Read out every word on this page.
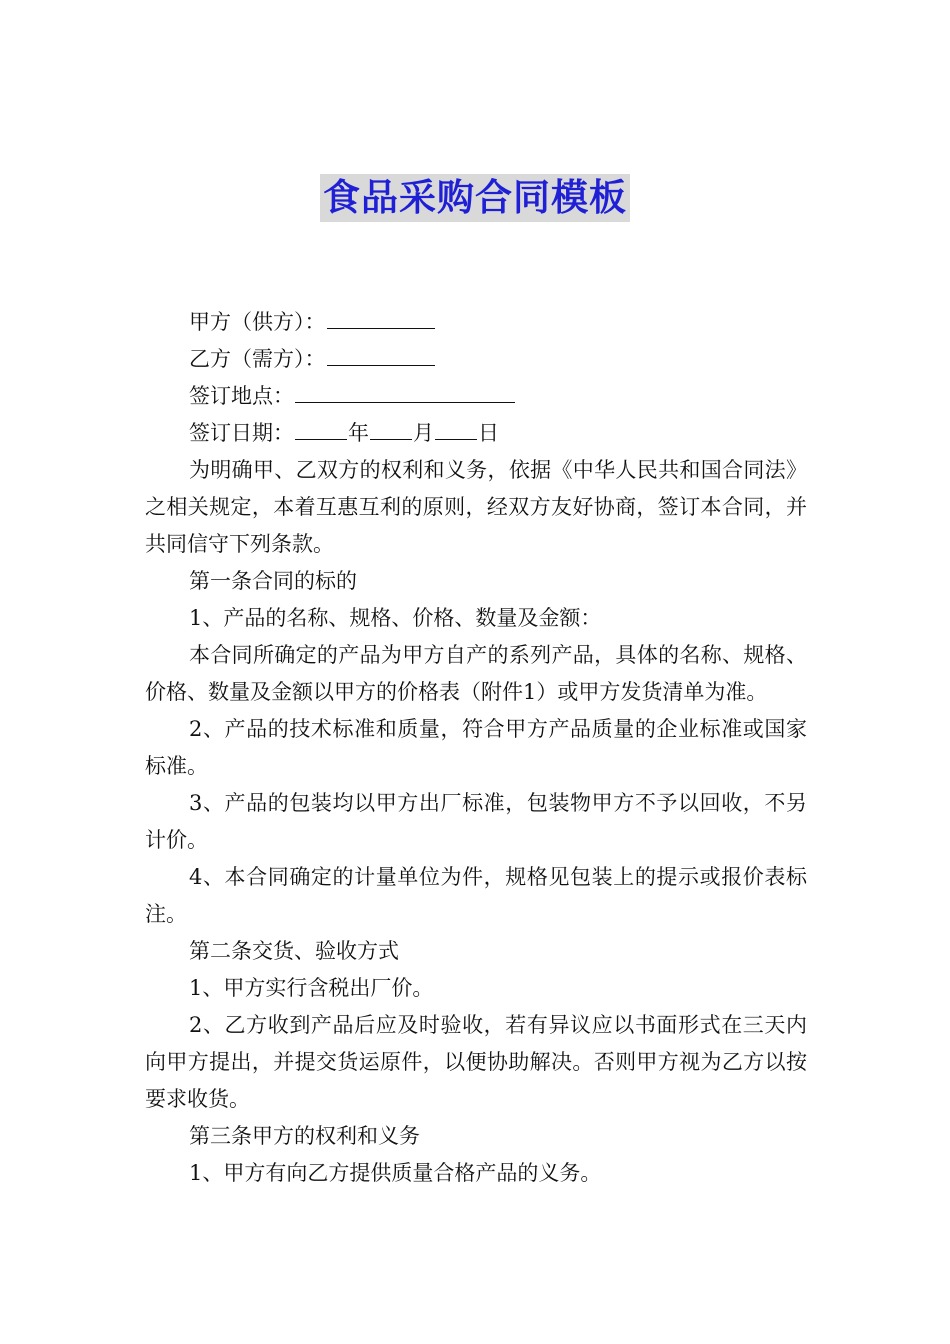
食品采购合同模板

甲方（供方）：

乙方（需方）：

签订地点：

签订日期：	年 月 日

为明确甲、乙双方的权利和义务，依据《中华人民共和国合同法》之相关规定，本着互惠互利的原则，经双方友好协商，签订本合同，并共同信守下列条款。

第一条合同的标的

1、产品的名称、规格、价格、数量及金额：

本合同所确定的产品为甲方自产的系列产品，具体的名称、规格、价格、数量及金额以甲方的价格表（附件1）或甲方发货清单为准。

2、产品的技术标准和质量，符合甲方产品质量的企业标准或国家标准。

3、产品的包装均以甲方出厂标准，包装物甲方不予以回收，不另计价。

4、本合同确定的计量单位为件，规格见包装上的提示或报价表标注。

第二条交货、验收方式

1、甲方实行含税出厂价。

2、乙方收到产品后应及时验收，若有异议应以书面形式在三天内向甲方提出，并提交货运原件，以便协助解决。否则甲方视为乙方以按要求收货。

第三条甲方的权利和义务

1、甲方有向乙方提供质量合格产品的义务。
